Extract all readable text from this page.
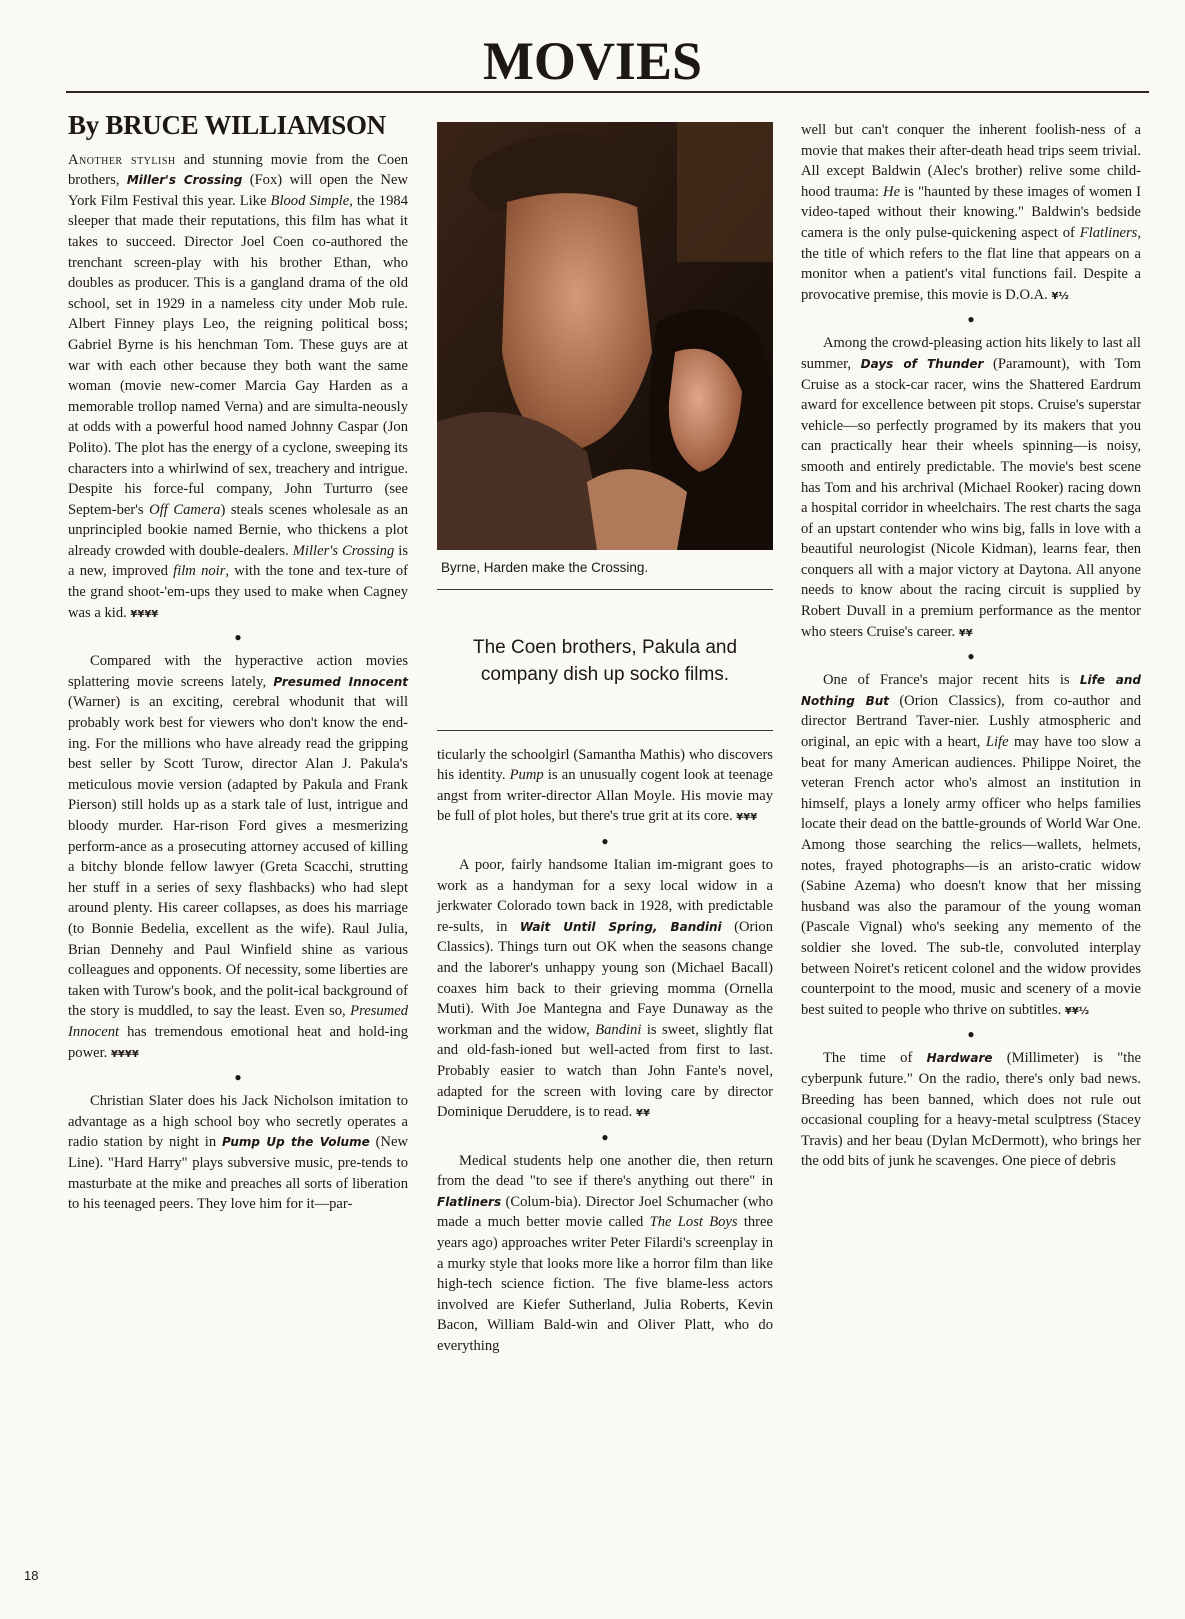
MOVIES
By BRUCE WILLIAMSON

Another stylish and stunning movie from the Coen brothers, Miller's Crossing (Fox) will open the New York Film Festival this year. Like Blood Simple, the 1984 sleeper that made their reputations, this film has what it takes to succeed. Director Joel Coen co-authored the trenchant screen-play with his brother Ethan, who doubles as producer. This is a gangland drama of the old school, set in 1929 in a nameless city under Mob rule. Albert Finney plays Leo, the reigning political boss; Gabriel Byrne is his henchman Tom. These guys are at war with each other because they both want the same woman (movie new-comer Marcia Gay Harden as a memorable trollop named Verna) and are simulta-neously at odds with a powerful hood named Johnny Caspar (Jon Polito). The plot has the energy of a cyclone, sweeping its characters into a whirlwind of sex, treachery and intrigue. Despite his force-ful company, John Turturro (see Septem-ber's Off Camera) steals scenes wholesale as an unprincipled bookie named Bernie, who thickens a plot already crowded with double-dealers. Miller's Crossing is a new, improved film noir, with the tone and tex-ture of the grand shoot-'em-ups they used to make when Cagney was a kid. ¥¥¥¥

●

Compared with the hyperactive action movies splattering movie screens lately, Presumed Innocent (Warner) is an exciting, cerebral whodunit that will probably work best for viewers who don't know the end-ing. For the millions who have already read the gripping best seller by Scott Turow, director Alan J. Pakula's meticulous movie version (adapted by Pakula and Frank Pierson) still holds up as a stark tale of lust, intrigue and bloody murder. Har-rison Ford gives a mesmerizing perform-ance as a prosecuting attorney accused of killing a bitchy blonde fellow lawyer (Greta Scacchi, strutting her stuff in a series of sexy flashbacks) who had slept around plenty. His career collapses, as does his marriage (to Bonnie Bedelia, excellent as the wife). Raul Julia, Brian Dennehy and Paul Winfield shine as various colleagues and opponents. Of necessity, some liberties are taken with Turow's book, and the polit-ical background of the story is muddled, to say the least. Even so, Presumed Innocent has tremendous emotional heat and hold-ing power. ¥¥¥¥

●

Christian Slater does his Jack Nicholson imitation to advantage as a high school boy who secretly operates a radio station by night in Pump Up the Volume (New Line). "Hard Harry" plays subversive music, pre-tends to masturbate at the mike and preaches all sorts of liberation to his teenaged peers. They love him for it—par-

Byrne, Harden make the Crossing.
The Coen brothers, Pakula and company dish up socko films.

ticularly the schoolgirl (Samantha Mathis) who discovers his identity. Pump is an unusually cogent look at teenage angst from writer-director Allan Moyle. His movie may be full of plot holes, but there's true grit at its core. ¥¥¥

●

A poor, fairly handsome Italian im-migrant goes to work as a handyman for a sexy local widow in a jerkwater Colorado town back in 1928, with predictable re-sults, in Wait Until Spring, Bandini (Orion Classics). Things turn out OK when the seasons change and the laborer's unhappy young son (Michael Bacall) coaxes him back to their grieving momma (Ornella Muti). With Joe Mantegna and Faye Dunaway as the workman and the widow, Bandini is sweet, slightly flat and old-fash-ioned but well-acted from first to last. Probably easier to watch than John Fante's novel, adapted for the screen with loving care by director Dominique Deruddere, is to read. ¥¥

●

Medical students help one another die, then return from the dead "to see if there's anything out there" in Flatliners (Colum-bia). Director Joel Schumacher (who made a much better movie called The Lost Boys three years ago) approaches writer Peter Filardi's screenplay in a murky style that looks more like a horror film than like high-tech science fiction. The five blame-less actors involved are Kiefer Sutherland, Julia Roberts, Kevin Bacon, William Bald-win and Oliver Platt, who do everything

well but can't conquer the inherent foolish-ness of a movie that makes their after-death head trips seem trivial. All except Baldwin (Alec's brother) relive some child-hood trauma: He is "haunted by these images of women I video-taped without their knowing." Baldwin's bedside camera is the only pulse-quickening aspect of Flatliners, the title of which refers to the flat line that appears on a monitor when a patient's vital functions fail. Despite a provocative premise, this movie is D.O.A. ¥½

●

Among the crowd-pleasing action hits likely to last all summer, Days of Thunder (Paramount), with Tom Cruise as a stock-car racer, wins the Shattered Eardrum award for excellence between pit stops. Cruise's superstar vehicle—so perfectly programed by its makers that you can practically hear their wheels spinning—is noisy, smooth and entirely predictable. The movie's best scene has Tom and his archrival (Michael Rooker) racing down a hospital corridor in wheelchairs. The rest charts the saga of an upstart contender who wins big, falls in love with a beautiful neurologist (Nicole Kidman), learns fear, then conquers all with a major victory at Daytona. All anyone needs to know about the racing circuit is supplied by Robert Duvall in a premium performance as the mentor who steers Cruise's career. ¥¥

●

One of France's major recent hits is Life and Nothing But (Orion Classics), from co-author and director Bertrand Taver-nier. Lushly atmospheric and original, an epic with a heart, Life may have too slow a beat for many American audiences. Philippe Noiret, the veteran French actor who's almost an institution in himself, plays a lonely army officer who helps families locate their dead on the battle-grounds of World War One. Among those searching the relics—wallets, helmets, notes, frayed photographs—is an aristo-cratic widow (Sabine Azema) who doesn't know that her missing husband was also the paramour of the young woman (Pascale Vignal) who's seeking any memento of the soldier she loved. The sub-tle, convoluted interplay between Noiret's reticent colonel and the widow provides counterpoint to the mood, music and scenery of a movie best suited to people who thrive on subtitles. ¥¥½

●

The time of Hardware (Millimeter) is "the cyberpunk future." On the radio, there's only bad news. Breeding has been banned, which does not rule out occasional coupling for a heavy-metal sculptress (Stacey Travis) and her beau (Dylan McDermott), who brings her the odd bits of junk he scavenges. One piece of debris

18
